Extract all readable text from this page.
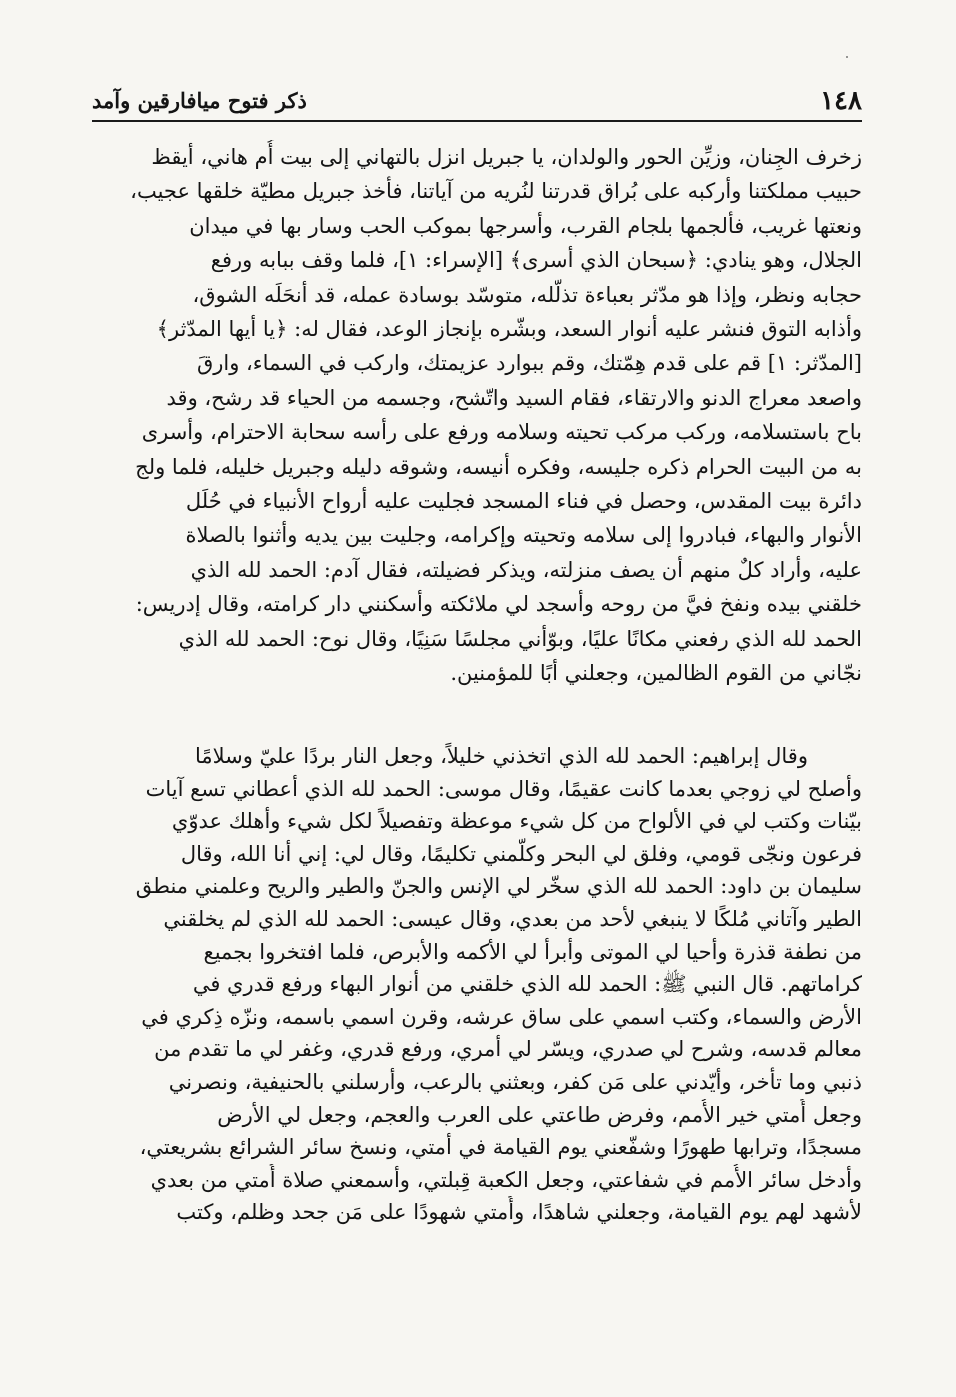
١٤٨
ذكر فتوح ميافارقين وآمد
زخرف الجِنان، وزيِّن الحور والولدان، يا جبريل انزل بالتهاني إلى بيت أُم هاني، أيقظ
حبيب مملكتنا وأركبه على بُراق قدرتنا لنُريه من آياتنا، فأخذ جبريل مطيّة خلقها عجيب،
ونعتها غريب، فألجمها بلجام القرب، وأسرجها بموكب الحب وسار بها في ميدان
الجلال، وهو ينادي: ﴿سبحان الذي أسرى﴾ [الإسراء: ١]، فلما وقف ببابه ورفع
حجابه ونظر، وإذا هو مدّثر بعباءة تذلّله، متوسّد بوسادة عمله، قد أنحَلَه الشوق،
وأذابه التوق فنشر عليه أنوار السعد، وبشّره بإنجاز الوعد، فقال له: ﴿يا أيها المدّثر﴾
[المدّثر: ١] قم على قدم هِمّتك، وقم ببوارد عزيمتك، واركب في السماء، وارقَ
واصعد معراج الدنو والارتقاء، فقام السيد واتّشح، وجسمه من الحياء قد رشح، وقد
باح باستسلامه، وركب مركب تحيته وسلامه ورفع على رأسه سحابة الاحترام، وأسرى
به من البيت الحرام ذكره جليسه، وفكره أنيسه، وشوقه دليله وجبريل خليله، فلما ولج
دائرة بيت المقدس، وحصل في فناء المسجد فجليت عليه أرواح الأنبياء في حُلَل
الأنوار والبهاء، فبادروا إلى سلامه وتحيته وإكرامه، وجليت بين يديه وأثنوا بالصلاة
عليه، وأراد كلٌ منهم أن يصف منزلته، ويذكر فضيلته، فقال آدم: الحمد لله الذي
خلقني بيده ونفخ فيَّ من روحه وأسجد لي ملائكته وأسكنني دار كرامته، وقال إدريس:
الحمد لله الذي رفعني مكانًا عليًا، وبوّأني مجلسًا سَنِيًا، وقال نوح: الحمد لله الذي
نجّاني من القوم الظالمين، وجعلني أبًا للمؤمنين.
وقال إبراهيم: الحمد لله الذي اتخذني خليلاً، وجعل النار بردًا عليّ وسلامًا
وأصلح لي زوجي بعدما كانت عقيمًا، وقال موسى: الحمد لله الذي أعطاني تسع آيات
بيّنات وكتب لي في الألواح من كل شيء موعظة وتفصيلاً لكل شيء وأهلك عدوّي
فرعون ونجّى قومي، وفلق لي البحر وكلّمني تكليمًا، وقال لي: إني أنا الله، وقال
سليمان بن داود: الحمد لله الذي سخّر لي الإنس والجنّ والطير والريح وعلمني منطق
الطير وآتاني مُلكًا لا ينبغي لأحد من بعدي، وقال عيسى: الحمد لله الذي لم يخلقني
من نطفة قذرة وأحيا لي الموتى وأبرأ لي الأكمه والأبرص، فلما افتخروا بجميع
كراماتهم. قال النبي ﷺ: الحمد لله الذي خلقني من أنوار البهاء ورفع قدري في
الأرض والسماء، وكتب اسمي على ساق عرشه، وقرن اسمي باسمه، ونزّه ذِكري في
معالم قدسه، وشرح لي صدري، ويسّر لي أمري، ورفع قدري، وغفر لي ما تقدم من
ذنبي وما تأخر، وأيّدني على مَن كفر، وبعثني بالرعب، وأرسلني بالحنيفية، ونصرني
وجعل أُمتي خير الأُمم، وفرض طاعتي على العرب والعجم، وجعل لي الأرض
مسجدًا، وترابها طهورًا وشفّعني يوم القيامة في أمتي، ونسخ سائر الشرائع بشريعتي،
وأدخل سائر الأُمم في شفاعتي، وجعل الكعبة قِبلتي، وأسمعني صلاة أُمتي من بعدي
لأشهد لهم يوم القيامة، وجعلني شاهدًا، وأُمتي شهودًا على مَن جحد وظلم، وكتب
